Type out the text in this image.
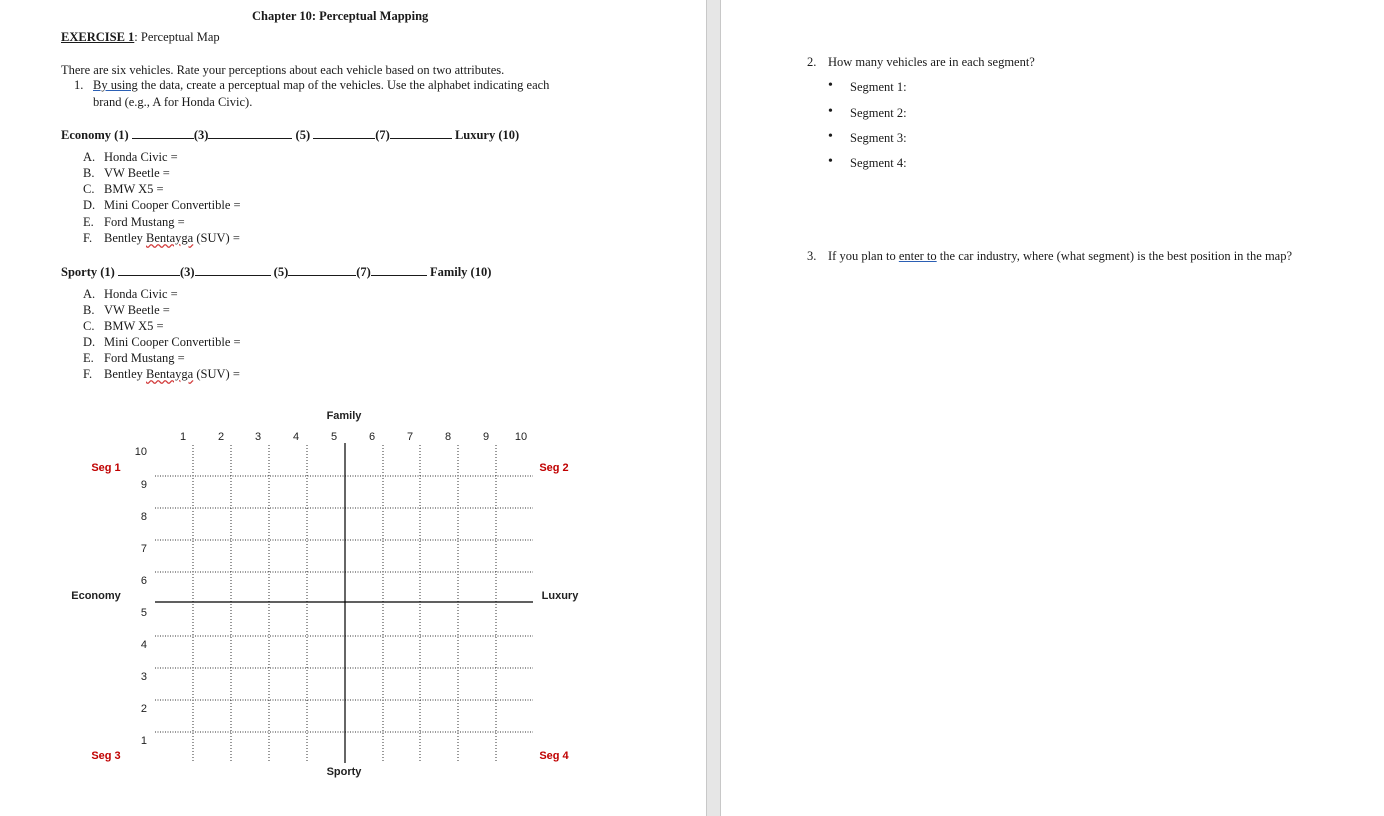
Chapter 10: Perceptual Mapping
EXERCISE 1: Perceptual Map
There are six vehicles. Rate your perceptions about each vehicle based on two attributes.
1. By using the data, create a perceptual map of the vehicles. Use the alphabet indicating each
brand (e.g., A for Honda Civic).
Economy (1)	(3)	(5)	(7)	Luxury (10)
A. Honda Civic =
B. VW Beetle =
C. BMW X5 =
D. Mini Cooper Convertible =
E. Ford Mustang =
F. Bentley Bentayga (SUV) =
Sporty (1)	(3)	(5)	(7)	Family (10)
A. Honda Civic =
B. VW Beetle =
C. BMW X5 =
D. Mini Cooper Convertible =
E. Ford Mustang =
F. Bentley Bentayga (SUV) =
1	2	3	4	5	6	7	8	9 10
10
9
8
7
6
5
4
3
2
1
Family
Sporty
Economy	Luxury
Seg 1	Seg 2
Seg 3	Seg 4
2. How many vehicles are in each segment?
• Segment 1:
• Segment 2:
• Segment 3:
• Segment 4:
3. If you plan to enter to the car industry, where (what segment) is the best position in the map?
